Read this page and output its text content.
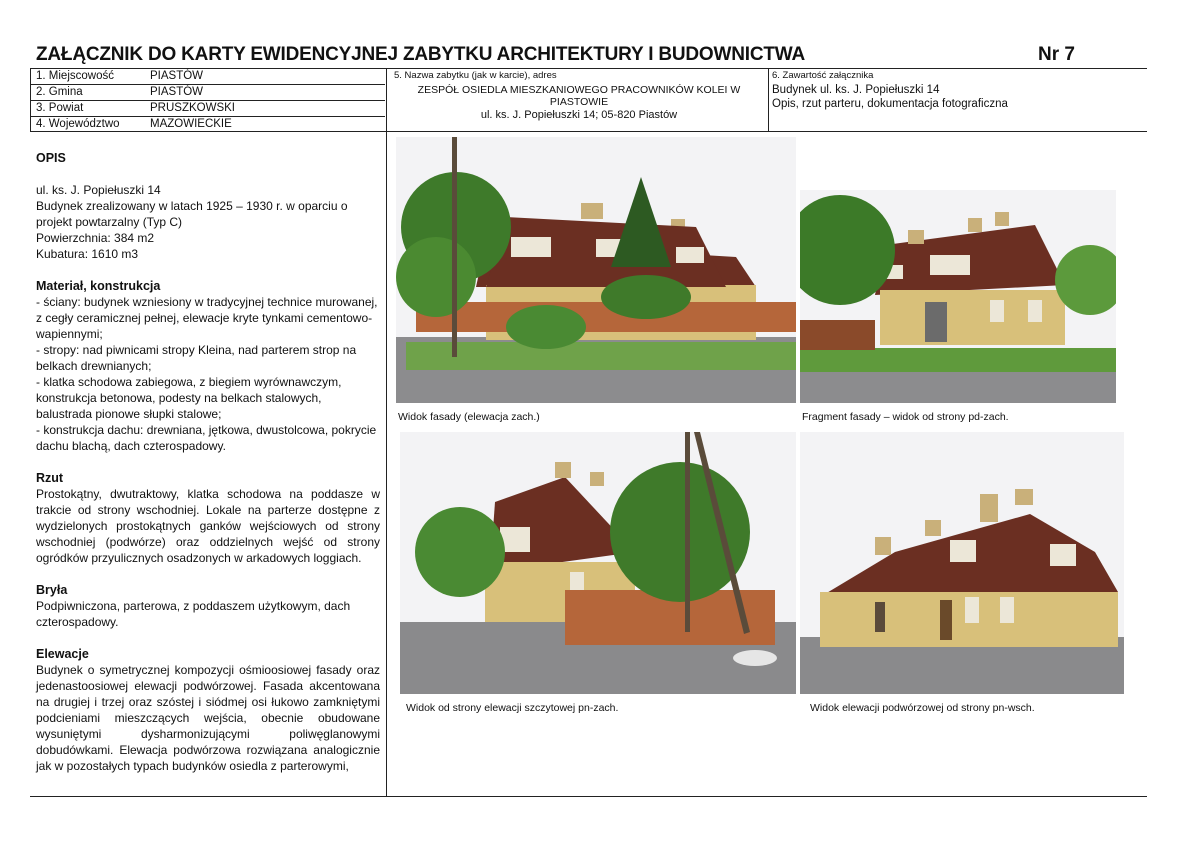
ZAŁĄCZNIK DO KARTY EWIDENCYJNEJ ZABYTKU ARCHITEKTURY I BUDOWNICTWA	Nr 7
1. Miejscowość	PIASTÓW
2. Gmina	PIASTÓW
3. Powiat	PRUSZKOWSKI
4. Województwo	MAZOWIECKIE
5. Nazwa zabytku (jak w karcie), adres
ZESPÓŁ OSIEDLA MIESZKANIOWEGO PRACOWNIKÓW KOLEI W PIASTOWIE
ul. ks. J. Popiełuszki 14; 05-820 Piastów
6. Zawartość załącznika
Budynek ul. ks. J. Popiełuszki 14
Opis, rzut parteru, dokumentacja fotograficzna
OPIS

ul. ks. J. Popiełuszki 14

Budynek zrealizowany w latach 1925 – 1930 r. w oparciu o projekt powtarzalny (Typ C)

Powierzchnia: 384 m2

Kubatura: 1610 m3

Materiał, konstrukcja

- ściany: budynek wzniesiony w tradycyjnej technice murowanej, z cegły ceramicznej pełnej, elewacje kryte tynkami cementowo-wapiennymi;

- stropy: nad piwnicami stropy Kleina, nad parterem strop na belkach drewnianych;

- klatka schodowa zabiegowa, z biegiem wyrównawczym, konstrukcja betonowa, podesty na belkach stalowych, balustrada pionowe słupki stalowe;

- konstrukcja dachu: drewniana, jętkowa, dwustolcowa, pokrycie dachu blachą, dach czterospadowy.

Rzut

Prostokątny, dwutraktowy, klatka schodowa na poddasze w trakcie od strony wschodniej. Lokale na parterze dostępne z wydzielonych prostokątnych ganków wejściowych od strony wschodniej (podwórze) oraz oddzielnych wejść od strony ogródków przyulicznych osadzonych w arkadowych loggiach.

Bryła

Podpiwniczona, parterowa, z poddaszem użytkowym, dach czterospadowy.

Elewacje

Budynek o symetrycznej kompozycji ośmioosiowej fasady oraz jedenastoosiowej elewacji podwórzowej. Fasada akcentowana na drugiej i trzej oraz szóstej i siódmej osi łukowo zamkniętymi podcieniami mieszczących wejścia, obecnie obudowane wysuniętymi dysharmonizującymi poliwęglanowymi dobudówkami. Elewacja podwórzowa rozwiązana analogicznie jak w pozostałych typach budynków osiedla z parterowymi,

Widok fasady (elewacja zach.)	Fragment fasady – widok od strony pd-zach.
Widok od strony elewacji szczytowej pn-zach.	Widok elewacji podwórzowej od strony pn-wsch.
